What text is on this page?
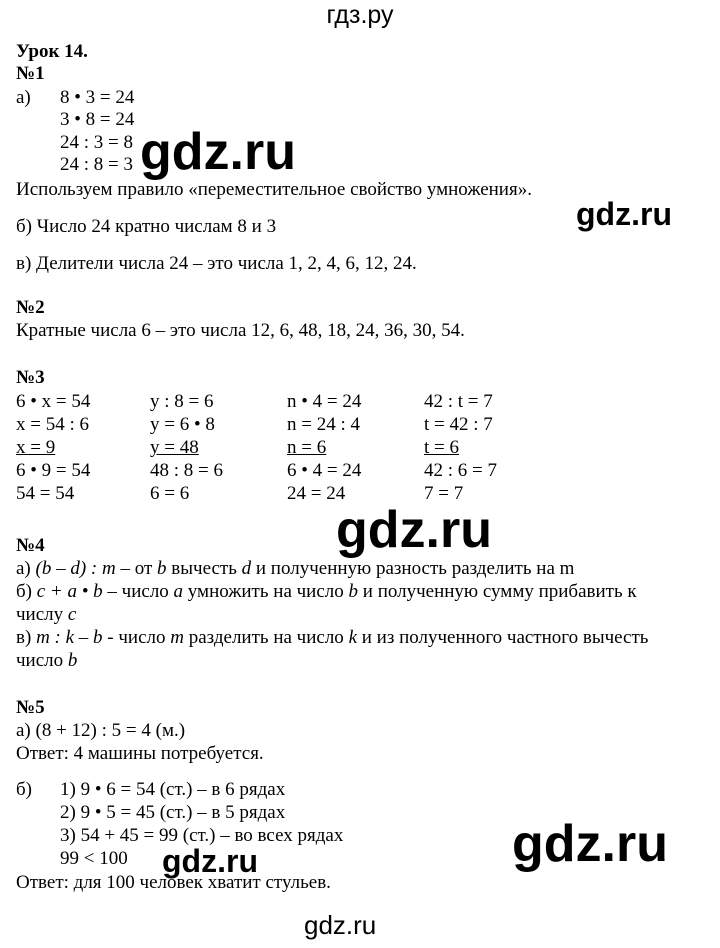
гдз.ру
Урок 14.
№1
а) 8 • 3 = 24
3 • 8 = 24
24 : 3 = 8
24 : 8 = 3
Используем правило «переместительное свойство умножения».
б) Число 24 кратно числам 8 и 3
в) Делители числа 24 – это числа 1, 2, 4, 6, 12, 24.
№2
Кратные числа 6 – это числа 12, 6, 48, 18, 24, 36, 30, 54.
№3
6 • x = 54
x = 54 : 6
x = 9
6 • 9 = 54
54 = 54
y : 8 = 6
y = 6 • 8
y = 48
48 : 8 = 6
6 = 6
n • 4 = 24
n = 24 : 4
n = 6
6 • 4 = 24
24 = 24
42 : t = 7
t = 42 : 7
t = 6
42 : 6 = 7
7 = 7
№4
а) (b – d) : m – от b вычесть d и полученную разность разделить на m
б) c + a • b – число a умножить на число b и полученную сумму прибавить к
числу c
в) m : k – b - число m разделить на число k и из полученного частного вычесть
число b
№5
а) (8 + 12) : 5 = 4 (м.)
Ответ: 4 машины потребуется.
б) 1) 9 • 6 = 54 (ст.) – в 6 рядах
2) 9 • 5 = 45 (ст.) – в 5 рядах
3) 54 + 45 = 99 (ст.) – во всех рядах
99 < 100
Ответ: для 100 человек хватит стульев.
gdz.ru
gdz.ru
gdz.ru
gdz.ru
gdz.ru
gdz.ru
